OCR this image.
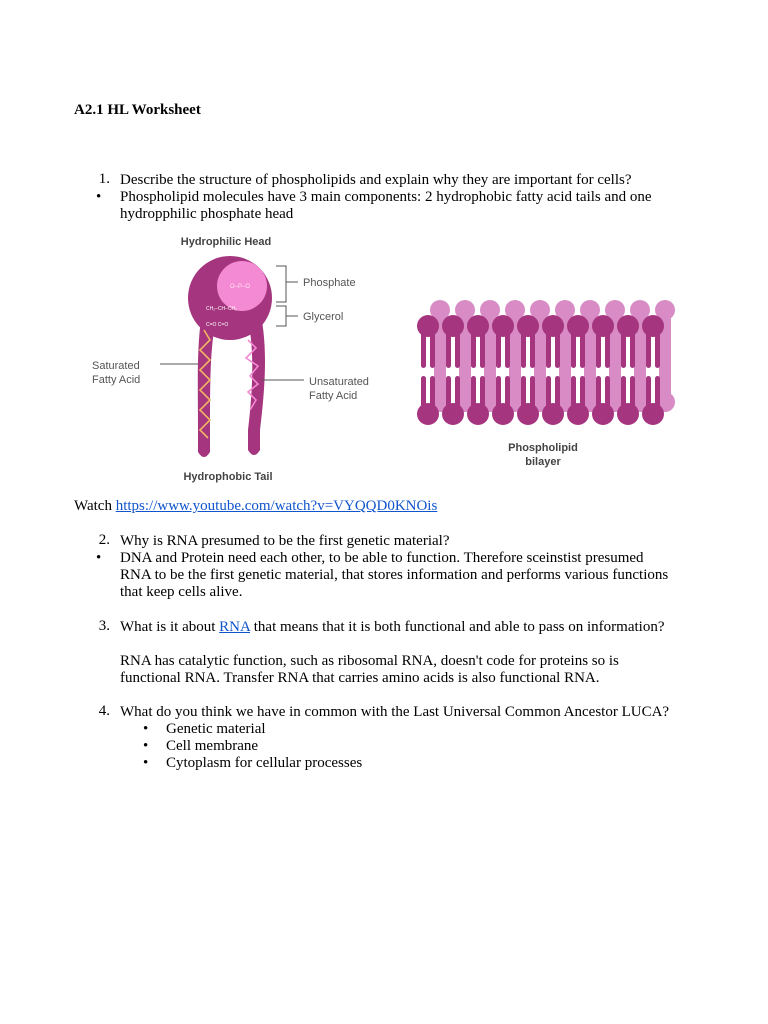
A2.1 HL Worksheet
1. Describe the structure of phospholipids and explain why they are important for cells?
• Phospholipid molecules have 3 main components: 2 hydrophobic fatty acid tails and one
hydropphilic phosphate head
O–P–O
CH₂–CH–CH₂
C=O C=O
Hydrophilic Head
Phosphate
Glycerol
Saturated
Fatty Acid	Unsaturated
Fatty Acid
Hydrophobic Tail
Phospholipid
bilayer
Watch https://www.youtube.com/watch?v=VYQQD0KNOis
2. Why is RNA presumed to be the first genetic material?
• DNA and Protein need each other, to be able to function. Therefore sceinstist presumed
RNA to be the first genetic material, that stores information and performs various functions
that keep cells alive.
3. What is it about RNA that means that it is both functional and able to pass on information?
RNA has catalytic function, such as ribosomal RNA, doesn't code for proteins so is
functional RNA. Transfer RNA that carries amino acids is also functional RNA.
4. What do you think we have in common with the Last Universal Common Ancestor LUCA?
• Genetic material
• Cell membrane
• Cytoplasm for cellular processes
